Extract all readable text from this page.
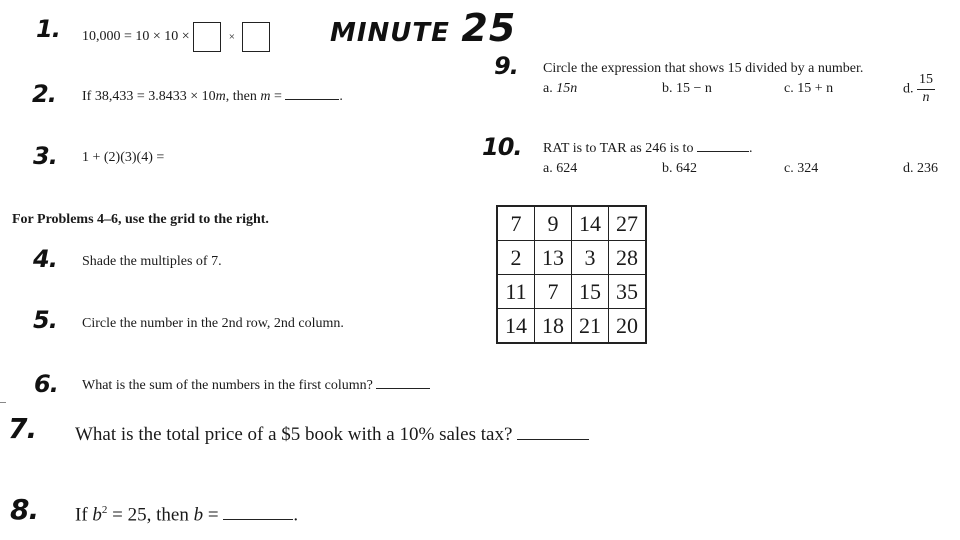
MINUTE 25
1. 10,000 = 10 × 10 ×	×
2. If 38,433 = 3.8433 × 10m, then m =	.
3. 1 + (2)(3)(4) =
For Problems 4–6, use the grid to the right.
4. Shade the multiples of 7.
5. Circle the number in the 2nd row, 2nd column.
6. What is the sum of the numbers in the first column?
7. What is the total price of a $5 book with a 10% sales tax?
8. If $b^2 = 25$, then b =	.
9. Circle the expression that shows 15 divided by a number.
a. 15n	b. 15 − n	c. 15 + n	d. $\frac{15}{n}$
10. RAT is to TAR as 246 is to	.
a. 624	b. 642	c. 324	d. 236
7	9	14	27
2	13	3	28
11	7	15	35
14	18	21	20
